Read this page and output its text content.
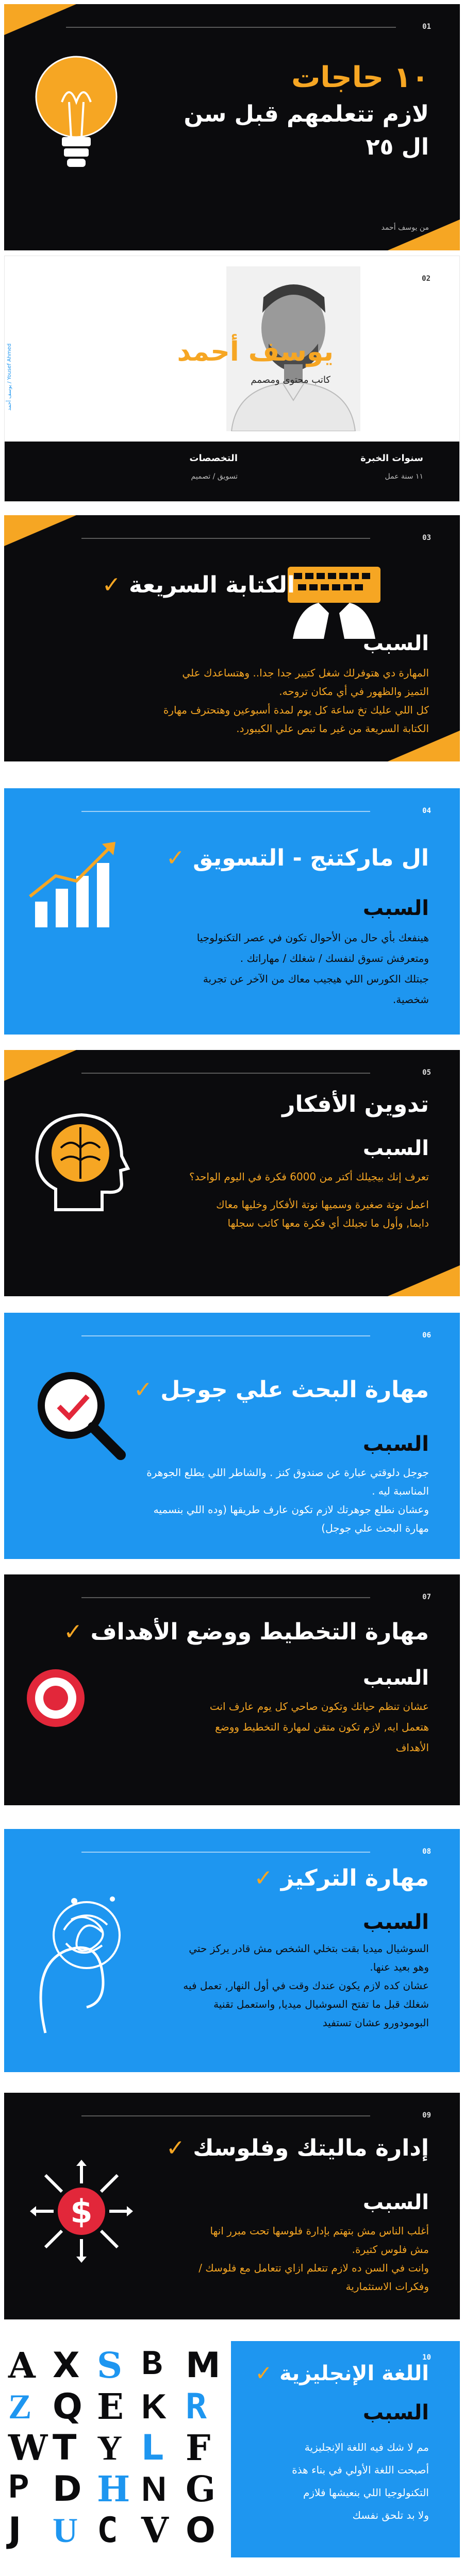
01
١٠ حاجات
لازم تتعلمهم قبل سن
ال ٢٥
من يوسف أحمد
يوسف أحمد / Yousef Ahmed
02
يوسف أحمد
كاتب محتوى ومصمم
سنوات الخبرة
١١ سنة عمل
التخصصات
تسويق / تصميم
03
الكتابة السريعة ✓
السبب
المهارة دي هتوفرلك شغل كتيير جدا جدا.. وهتساعدك علي
التميز والظهور في أي مكان تروحه.
كل اللي عليك تخ ساعة كل يوم لمدة أسبوعين وهتحترف مهارة
الكتابة السريعة من غير ما تبص علي الكيبورد.
04
ال ماركتنج - التسويق ✓
السبب
هينفعك بأي حال من الأحوال تكون في عصر التكنولوجيا
ومتعرفش تسوق لنفسك / شغلك / مهاراتك .
جبتلك الكورس اللي هيجيب معاك من الآخر عن تجربة
شخصية.
05
تدوين الأفكار
السبب
تعرف إنك بيجيلك أكتر من 6000 فكرة في اليوم الواحد؟
اعمل نوتة صغيرة وسميها نوتة الأفكار وخليها معاك
دايما, وأول ما تجيلك أي فكرة معها كاتب سجلها
06
مهارة البحث علي جوجل ✓
السبب
جوجل دلوقتي عبارة عن صندوق كنز . والشاطر اللي يطلع الجوهرة
المناسبة ليه .
وعشان نطلع جوهرتك لازم تكون عارف طريقها (وده اللي بنسميه
مهارة البحث علي جوجل)
07
مهارة التخطيط ووضع الأهداف ✓
السبب
عشان تنظم حياتك وتكون صاحي كل يوم عارف انت
هتعمل ايه, لازم تكون متقن لمهارة التخطيط ووضع
الأهداف
08
مهارة التركيز ✓
السبب
السوشيال ميديا بقت بتخلي الشخص مش قادر يركز حتي
وهو بعيد عنها.
عشان كده لازم يكون عندك وقت في أول النهار, تعمل فيه
شغلك قبل ما تفتح السوشيال ميديا, واستعمل تقنية
البومودورو عشان تستفيد
09
$
إدارة ماليتك وفلوسك ✓
السبب
أغلب الناس مش بتهتم بإدارة فلوسها تحت مبرر انها
مش فلوس كتيرة.
وانت في السن ده لازم تتعلم ازاي تتعامل مع فلوسك /
وفكرات الاستثمارية
A X S B M
Z Q E K R
W T Y L F
P D H N G
J U C V O
10
اللغة الإنجليزية ✓
السبب
مم لا شك فيه اللغة الإنجليزية
أصبحت اللغة الأولي في بناء هذة
التكنولوجيا اللي بنعيشها فلازم
ولا بد تلحق نفسك
